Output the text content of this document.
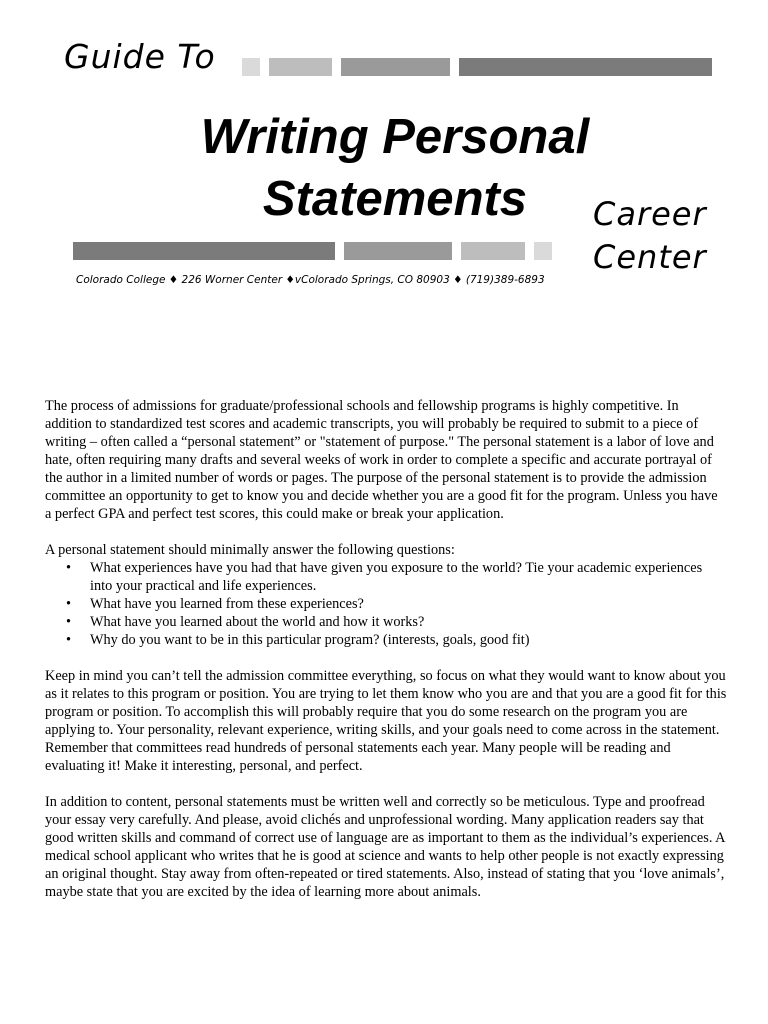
Guide To
Writing Personal
Statements	Career
Center
Colorado College ♦ 226 Worner Center ♦vColorado Springs, CO 80903 ♦ (719)389-6893

The process of admissions for graduate/professional schools and fellowship programs is highly competitive. In addition to standardized test scores and academic transcripts, you will probably be required to submit to a piece of writing – often called a “personal statement” or "statement of purpose." The personal statement is a labor of love and hate, often requiring many drafts and several weeks of work in order to complete a specific and accurate portrayal of the author in a limited number of words or pages. The purpose of the personal statement is to provide the admission committee an opportunity to get to know you and decide whether you are a good fit for the program. Unless you have a perfect GPA and perfect test scores, this could make or break your application.

A personal statement should minimally answer the following questions:
• What experiences have you had that have given you exposure to the world? Tie your academic experiences into your practical and life experiences.
• What have you learned from these experiences?
• What have you learned about the world and how it works?
• Why do you want to be in this particular program? (interests, goals, good fit)

Keep in mind you can’t tell the admission committee everything, so focus on what they would want to know about you as it relates to this program or position. You are trying to let them know who you are and that you are a good fit for this program or position. To accomplish this will probably require that you do some research on the program you are applying to. Your personality, relevant experience, writing skills, and your goals need to come across in the statement. Remember that committees read hundreds of personal statements each year. Many people will be reading and evaluating it! Make it interesting, personal, and perfect.

In addition to content, personal statements must be written well and correctly so be meticulous. Type and proofread your essay very carefully. And please, avoid clichés and unprofessional wording. Many application readers say that good written skills and command of correct use of language are as important to them as the individual’s experiences. A medical school applicant who writes that he is good at science and wants to help other people is not exactly expressing an original thought. Stay away from often-repeated or tired statements. Also, instead of stating that you ‘love animals’, maybe state that you are excited by the idea of learning more about animals.
